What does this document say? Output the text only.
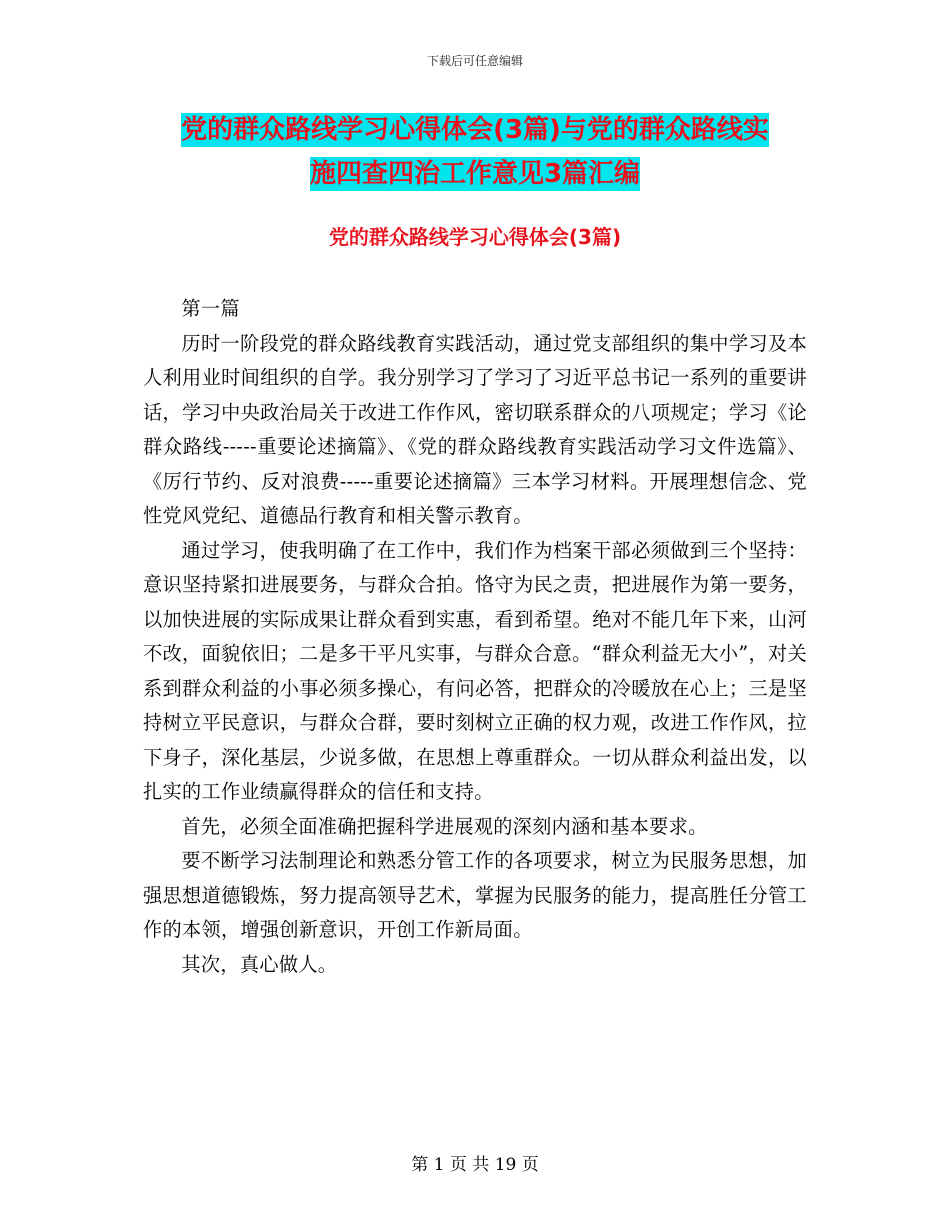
下载后可任意编辑
党的群众路线学习心得体会(3篇)与党的群众路线实
施四查四治工作意见3篇汇编
党的群众路线学习心得体会(3篇)

第一篇

历时一阶段党的群众路线教育实践活动，通过党支部组织的集中学习及本人利用业时间组织的自学。我分别学习了学习了习近平总书记一系列的重要讲话，学习中央政治局关于改进工作作风，密切联系群众的八项规定；学习《论群众路线-----重要论述摘篇》、《党的群众路线教育实践活动学习文件选篇》、《厉行节约、反对浪费-----重要论述摘篇》三本学习材料。开展理想信念、党性党风党纪、道德品行教育和相关警示教育。

通过学习，使我明确了在工作中，我们作为档案干部必须做到三个坚持：意识坚持紧扣进展要务，与群众合拍。恪守为民之责，把进展作为第一要务，以加快进展的实际成果让群众看到实惠，看到希望。绝对不能几年下来，山河不改，面貌依旧；二是多干平凡实事，与群众合意。“群众利益无大小”，对关系到群众利益的小事必须多操心，有问必答，把群众的冷暖放在心上；三是坚持树立平民意识，与群众合群，要时刻树立正确的权力观，改进工作作风，拉下身子，深化基层，少说多做，在思想上尊重群众。一切从群众利益出发，以扎实的工作业绩赢得群众的信任和支持。

首先，必须全面准确把握科学进展观的深刻内涵和基本要求。

要不断学习法制理论和熟悉分管工作的各项要求，树立为民服务思想，加强思想道德锻炼，努力提高领导艺术，掌握为民服务的能力，提高胜任分管工作的本领，增强创新意识，开创工作新局面。

其次，真心做人。

第 1 页 共 19 页
